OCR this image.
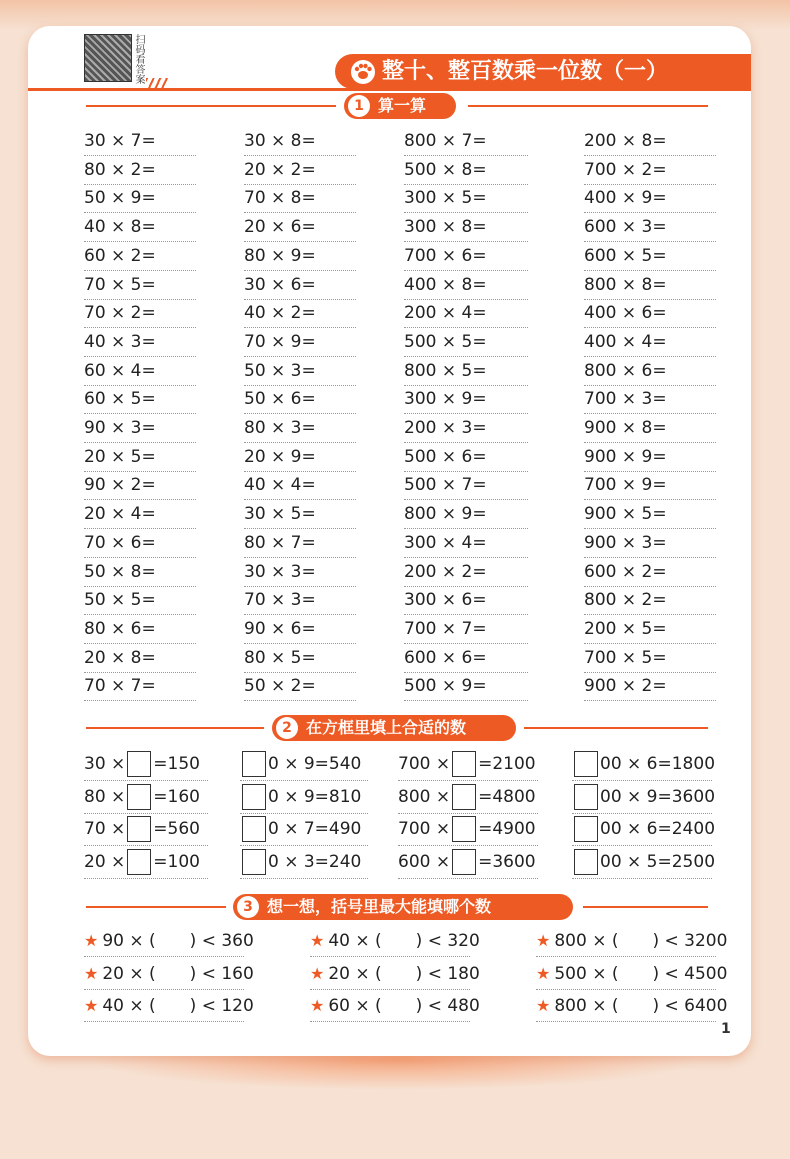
扫码看答案	整十、整百数乘一位数（一）
1 算一算
30 × 7=
80 × 2=
50 × 9=
40 × 8=
60 × 2=
70 × 5=
70 × 2=
40 × 3=
60 × 4=
60 × 5=
90 × 3=
20 × 5=
90 × 2=
20 × 4=
70 × 6=
50 × 8=
50 × 5=
80 × 6=
20 × 8=
70 × 7=
30 × 8=
20 × 2=
70 × 8=
20 × 6=
80 × 9=
30 × 6=
40 × 2=
70 × 9=
50 × 3=
50 × 6=
80 × 3=
20 × 9=
40 × 4=
30 × 5=
80 × 7=
30 × 3=
70 × 3=
90 × 6=
80 × 5=
50 × 2=
800 × 7=
500 × 8=
300 × 5=
300 × 8=
700 × 6=
400 × 8=
200 × 4=
500 × 5=
800 × 5=
300 × 9=
200 × 3=
500 × 6=
500 × 7=
800 × 9=
300 × 4=
200 × 2=
300 × 6=
700 × 7=
600 × 6=
500 × 9=
200 × 8=
700 × 2=
400 × 9=
600 × 3=
600 × 5=
800 × 8=
400 × 6=
400 × 4=
800 × 6=
700 × 3=
900 × 8=
900 × 9=
700 × 9=
900 × 5=
900 × 3=
600 × 2=
800 × 2=
200 × 5=
700 × 5=
900 × 2=
2 在方框里填上合适的数
30 × =150
80 × =160
70 × =560
20 × =100
0 × 9=540
0 × 9=810
0 × 7=490
0 × 3=240
700 × =2100
800 × =4800
700 × =4900
600 × =3600
00 × 6=1800
00 × 9=3600
00 × 6=2400
00 × 5=2500
3 想一想，括号里最大能填哪个数
★ 90 × (　　) < 360
★ 20 × (　　) < 160
★ 40 × (　　) < 120
★ 40 × (　　) < 320
★ 20 × (　　) < 180
★ 60 × (　　) < 480
★ 800 × (　　) < 3200
★ 500 × (　　) < 4500
★ 800 × (　　) < 6400
1
